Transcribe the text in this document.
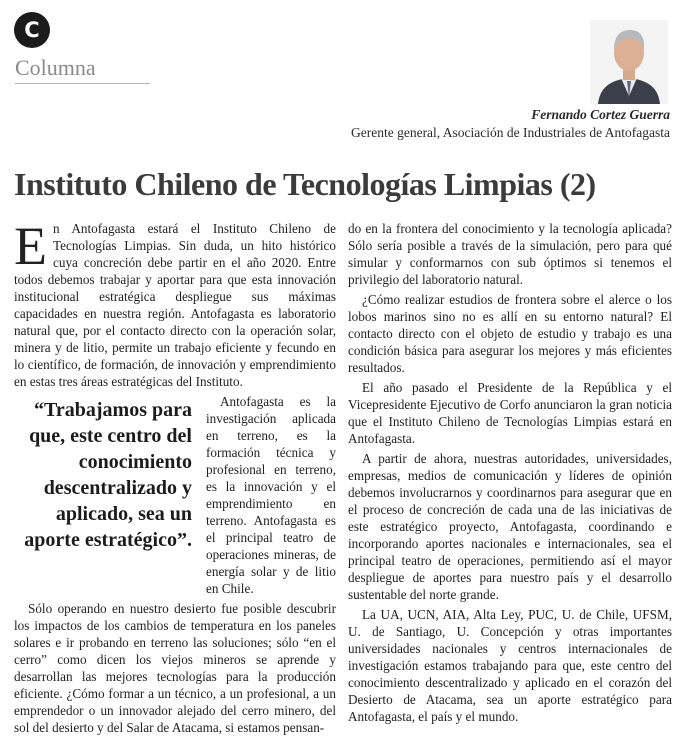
C
Columna
Fernando Cortez Guerra
Gerente general, Asociación de Industriales de Antofagasta
Instituto Chileno de Tecnologías Limpias (2)

En Antofagasta estará el Instituto Chileno de Tecnologías Limpias. Sin duda, un hito histórico cuya concreción debe partir en el año 2020. Entre todos debemos trabajar y aportar para que esta innovación institucional estratégica despliegue sus máximas capacidades en nuestra región. Antofagasta es laboratorio natural que, por el contacto directo con la operación solar, minera y de litio, permite un trabajo eficiente y fecundo en lo científico, de formación, de innovación y emprendimiento en estas tres áreas estratégicas del Instituto.

“Trabajamos para que, este centro del conocimiento descentralizado y aplicado, sea un aporte estratégico”.

Antofagasta es la investigación aplicada en terreno, es la formación técnica y profesional en terreno, es la innovación y el emprendimiento en terreno. Antofagasta es el principal teatro de operaciones mineras, de energía solar y de litio en Chile.

Sólo operando en nuestro desierto fue posible descubrir los impactos de los cambios de temperatura en los paneles solares e ir probando en terreno las soluciones; sólo “en el cerro” como dicen los viejos mineros se aprende y desarrollan las mejores tecnologías para la producción eficiente. ¿Cómo formar a un técnico, a un profesional, a un emprendedor o un innovador alejado del cerro minero, del sol del desierto y del Salar de Atacama, si estamos pensan-

do en la frontera del conocimiento y la tecnología aplicada? Sólo sería posible a través de la simulación, pero para qué simular y conformarnos con sub óptimos si tenemos el privilegio del laboratorio natural.

¿Cómo realizar estudios de frontera sobre el alerce o los lobos marinos sino no es allí en su entorno natural? El contacto directo con el objeto de estudio y trabajo es una condición básica para asegurar los mejores y más eficientes resultados.

El año pasado el Presidente de la República y el Vicepresidente Ejecutivo de Corfo anunciaron la gran noticia que el Instituto Chileno de Tecnologías Limpias estará en Antofagasta.

A partir de ahora, nuestras autoridades, universidades, empresas, medios de comunicación y líderes de opinión debemos involucrarnos y coordinarnos para asegurar que en el proceso de concreción de cada una de las iniciativas de este estratégico proyecto, Antofagasta, coordinando e incorporando aportes nacionales e internacionales, sea el principal teatro de operaciones, permitiendo así el mayor despliegue de aportes para nuestro país y el desarrollo sustentable del norte grande.

La UA, UCN, AIA, Alta Ley, PUC, U. de Chile, UFSM, U. de Santiago, U. Concepción y otras importantes universidades nacionales y centros internacionales de investigación estamos trabajando para que, este centro del conocimiento descentralizado y aplicado en el corazón del Desierto de Atacama, sea un aporte estratégico para Antofagasta, el país y el mundo.
